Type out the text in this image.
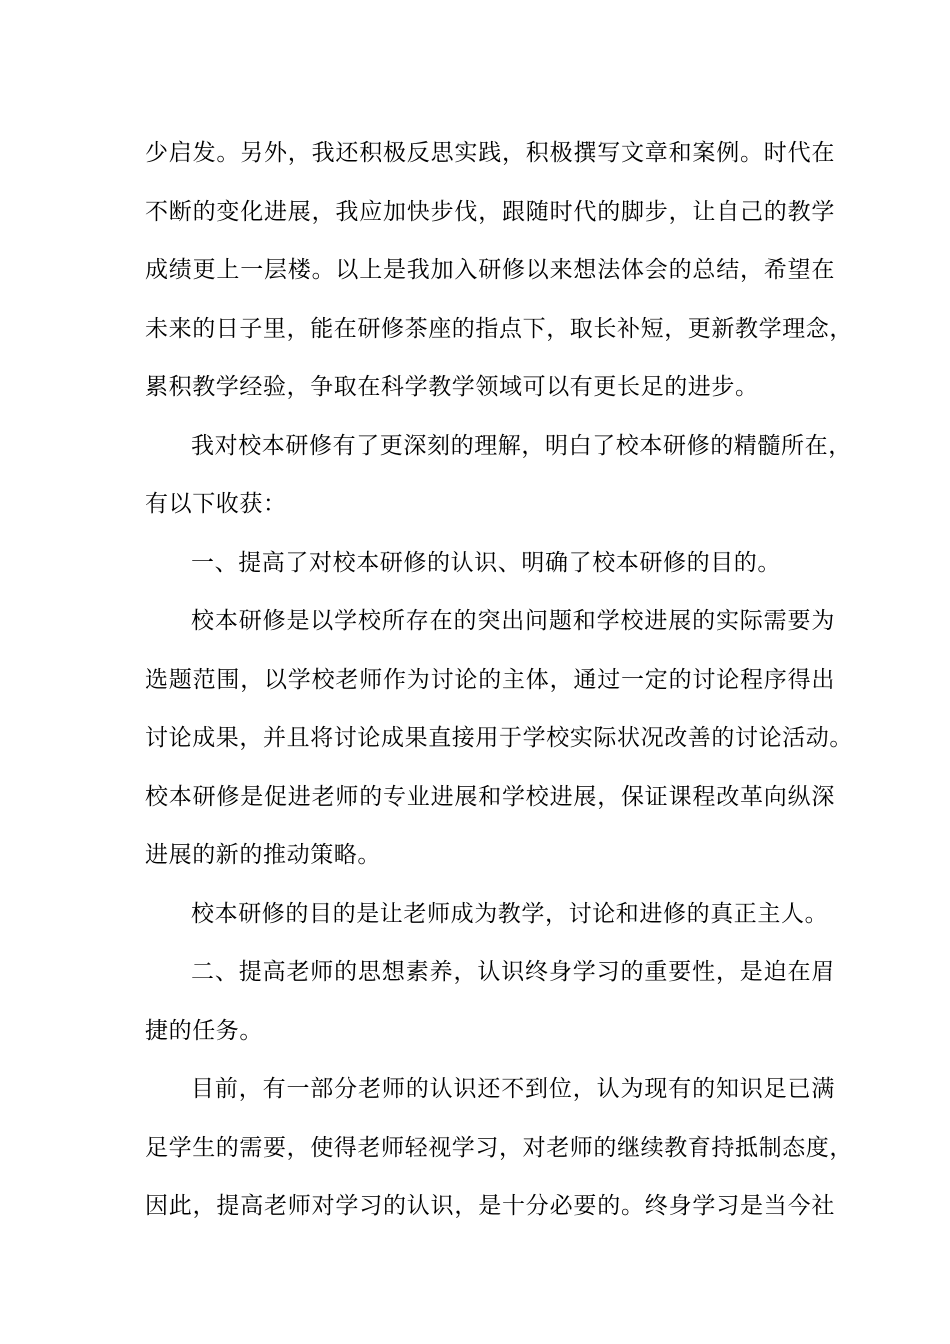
少启发。另外，我还积极反思实践，积极撰写文章和案例。时代在
不断的变化进展，我应加快步伐，跟随时代的脚步，让自己的教学
成绩更上一层楼。以上是我加入研修以来想法体会的总结，希望在
未来的日子里，能在研修茶座的指点下，取长补短，更新教学理念，
累积教学经验，争取在科学教学领域可以有更长足的进步。
我对校本研修有了更深刻的理解，明白了校本研修的精髓所在，
有以下收获：
一、提高了对校本研修的认识、明确了校本研修的目的。
校本研修是以学校所存在的突出问题和学校进展的实际需要为
选题范围，以学校老师作为讨论的主体，通过一定的讨论程序得出
讨论成果，并且将讨论成果直接用于学校实际状况改善的讨论活动。
校本研修是促进老师的专业进展和学校进展，保证课程改革向纵深
进展的新的推动策略。
校本研修的目的是让老师成为教学，讨论和进修的真正主人。
二、提高老师的思想素养，认识终身学习的重要性，是迫在眉
捷的任务。
目前，有一部分老师的认识还不到位，认为现有的知识足已满
足学生的需要，使得老师轻视学习，对老师的继续教育持抵制态度，
因此，提高老师对学习的认识，是十分必要的。终身学习是当今社
